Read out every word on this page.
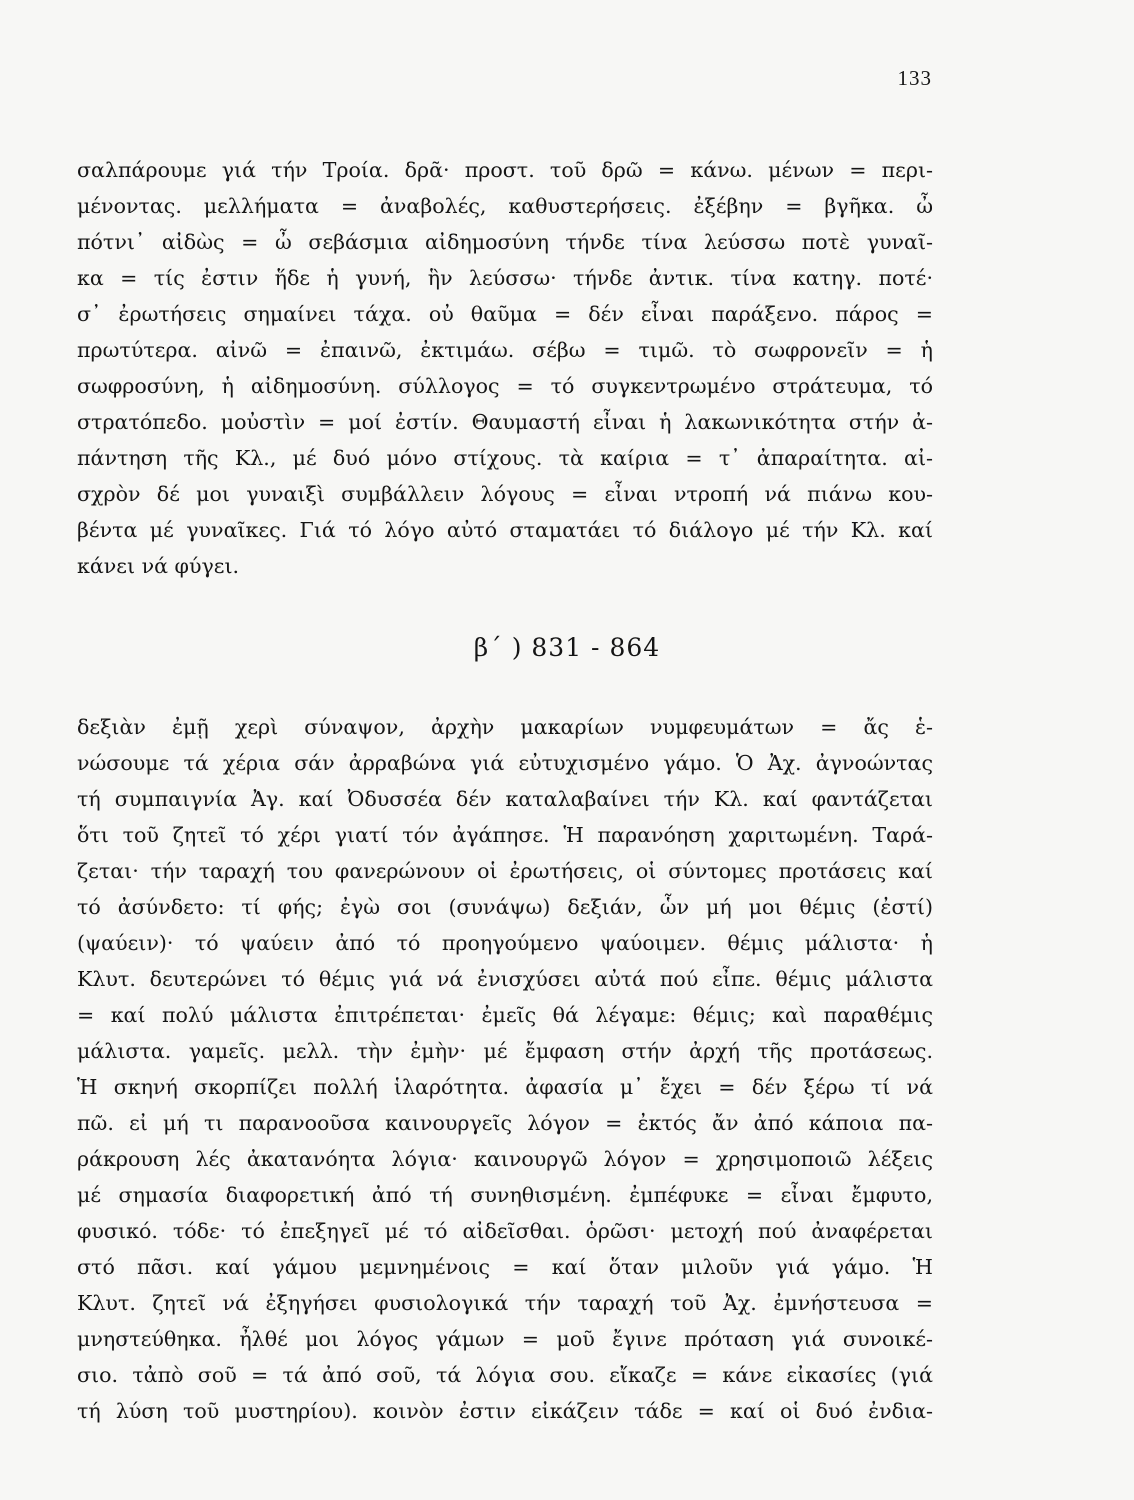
133
σαλπάρουμε γιά τήν Τροία. δρᾶ· προστ. τοῦ δρῶ = κάνω. μένων = περι-
μένοντας. μελλήματα = ἀναβολές, καθυστερήσεις. ἐξέβην = βγῆκα. ὦ
πότνι᾿ αἰδὼς = ὦ σεβάσμια αἰδημοσύνη τήνδε τίνα λεύσσω ποτὲ γυναῖ-
κα = τίς ἐστιν ἥδε ἡ γυνή, ἣν λεύσσω· τήνδε ἀντικ. τίνα κατηγ. ποτέ·
σ᾿ ἐρωτήσεις σημαίνει τάχα. οὐ θαῦμα = δέν εἶναι παράξενο. πάρος =
πρωτύτερα. αἰνῶ = ἐπαινῶ, ἐκτιμάω. σέβω = τιμῶ. τὸ σωφρονεῖν = ἡ
σωφροσύνη, ἡ αἰδημοσύνη. σύλλογος = τό συγκεντρωμένο στράτευμα, τό
στρατόπεδο. μοὐστὶν = μοί ἐστίν. Θαυμαστή εἶναι ἡ λακωνικότητα στήν ἀ-
πάντηση τῆς Κλ., μέ δυό μόνο στίχους. τὰ καίρια = τ᾿ ἀπαραίτητα. αἰ-
σχρὸν δέ μοι γυναιξὶ συμβάλλειν λόγους = εἶναι ντροπή νά πιάνω κου-
βέντα μέ γυναῖκες. Γιά τό λόγο αὐτό σταματάει τό διάλογο μέ τήν Κλ. καί
κάνει νά φύγει.
β΄ ) 831 - 864
δεξιὰν ἐμῇ χερὶ σύναψον, ἀρχὴν μακαρίων νυμφευμάτων = ἄς ἑ-
νώσουμε τά χέρια σάν ἀρραβώνα γιά εὐτυχισμένο γάμο. Ὁ Ἀχ. ἀγνοώντας
τή συμπαιγνία Ἀγ. καί Ὀδυσσέα δέν καταλαβαίνει τήν Κλ. καί φαντάζεται
ὅτι τοῦ ζητεῖ τό χέρι γιατί τόν ἀγάπησε. Ἡ παρανόηση χαριτωμένη. Ταρά-
ζεται· τήν ταραχή του φανερώνουν οἱ ἐρωτήσεις, οἱ σύντομες προτάσεις καί
τό ἀσύνδετο: τί φής; ἐγὼ σοι (συνάψω) δεξιάν, ὧν μή μοι θέμις (ἐστί)
(ψαύειν)· τό ψαύειν ἀπό τό προηγούμενο ψαύοιμεν. θέμις μάλιστα· ἡ
Κλυτ. δευτερώνει τό θέμις γιά νά ἐνισχύσει αὐτά πού εἶπε. θέμις μάλιστα
= καί πολύ μάλιστα ἐπιτρέπεται· ἐμεῖς θά λέγαμε: θέμις; καὶ παραθέμις
μάλιστα. γαμεῖς. μελλ. τὴν ἐμὴν· μέ ἔμφαση στήν ἀρχή τῆς προτάσεως.
Ἡ σκηνή σκορπίζει πολλή ἱλαρότητα. ἀφασία μ᾿ ἔχει = δέν ξέρω τί νά
πῶ. εἰ μή τι παρανοοῦσα καινουργεῖς λόγον = ἐκτός ἄν ἀπό κάποια πα-
ράκρουση λές ἀκατανόητα λόγια· καινουργῶ λόγον = χρησιμοποιῶ λέξεις
μέ σημασία διαφορετική ἀπό τή συνηθισμένη. ἐμπέφυκε = εἶναι ἔμφυτο,
φυσικό. τόδε· τό ἐπεξηγεῖ μέ τό αἰδεῖσθαι. ὁρῶσι· μετοχή πού ἀναφέρεται
στό πᾶσι. καί γάμου μεμνημένοις = καί ὅταν μιλοῦν γιά γάμο. Ἡ
Κλυτ. ζητεῖ νά ἐξηγήσει φυσιολογικά τήν ταραχή τοῦ Ἀχ. ἐμνήστευσα =
μνηστεύθηκα. ἦλθέ μοι λόγος γάμων = μοῦ ἔγινε πρόταση γιά συνοικέ-
σιο. τἀπὸ σοῦ = τά ἀπό σοῦ, τά λόγια σου. εἴκαζε = κάνε εἰκασίες (γιά
τή λύση τοῦ μυστηρίου). κοινὸν ἐστιν εἰκάζειν τάδε = καί οἱ δυό ἐνδια-
